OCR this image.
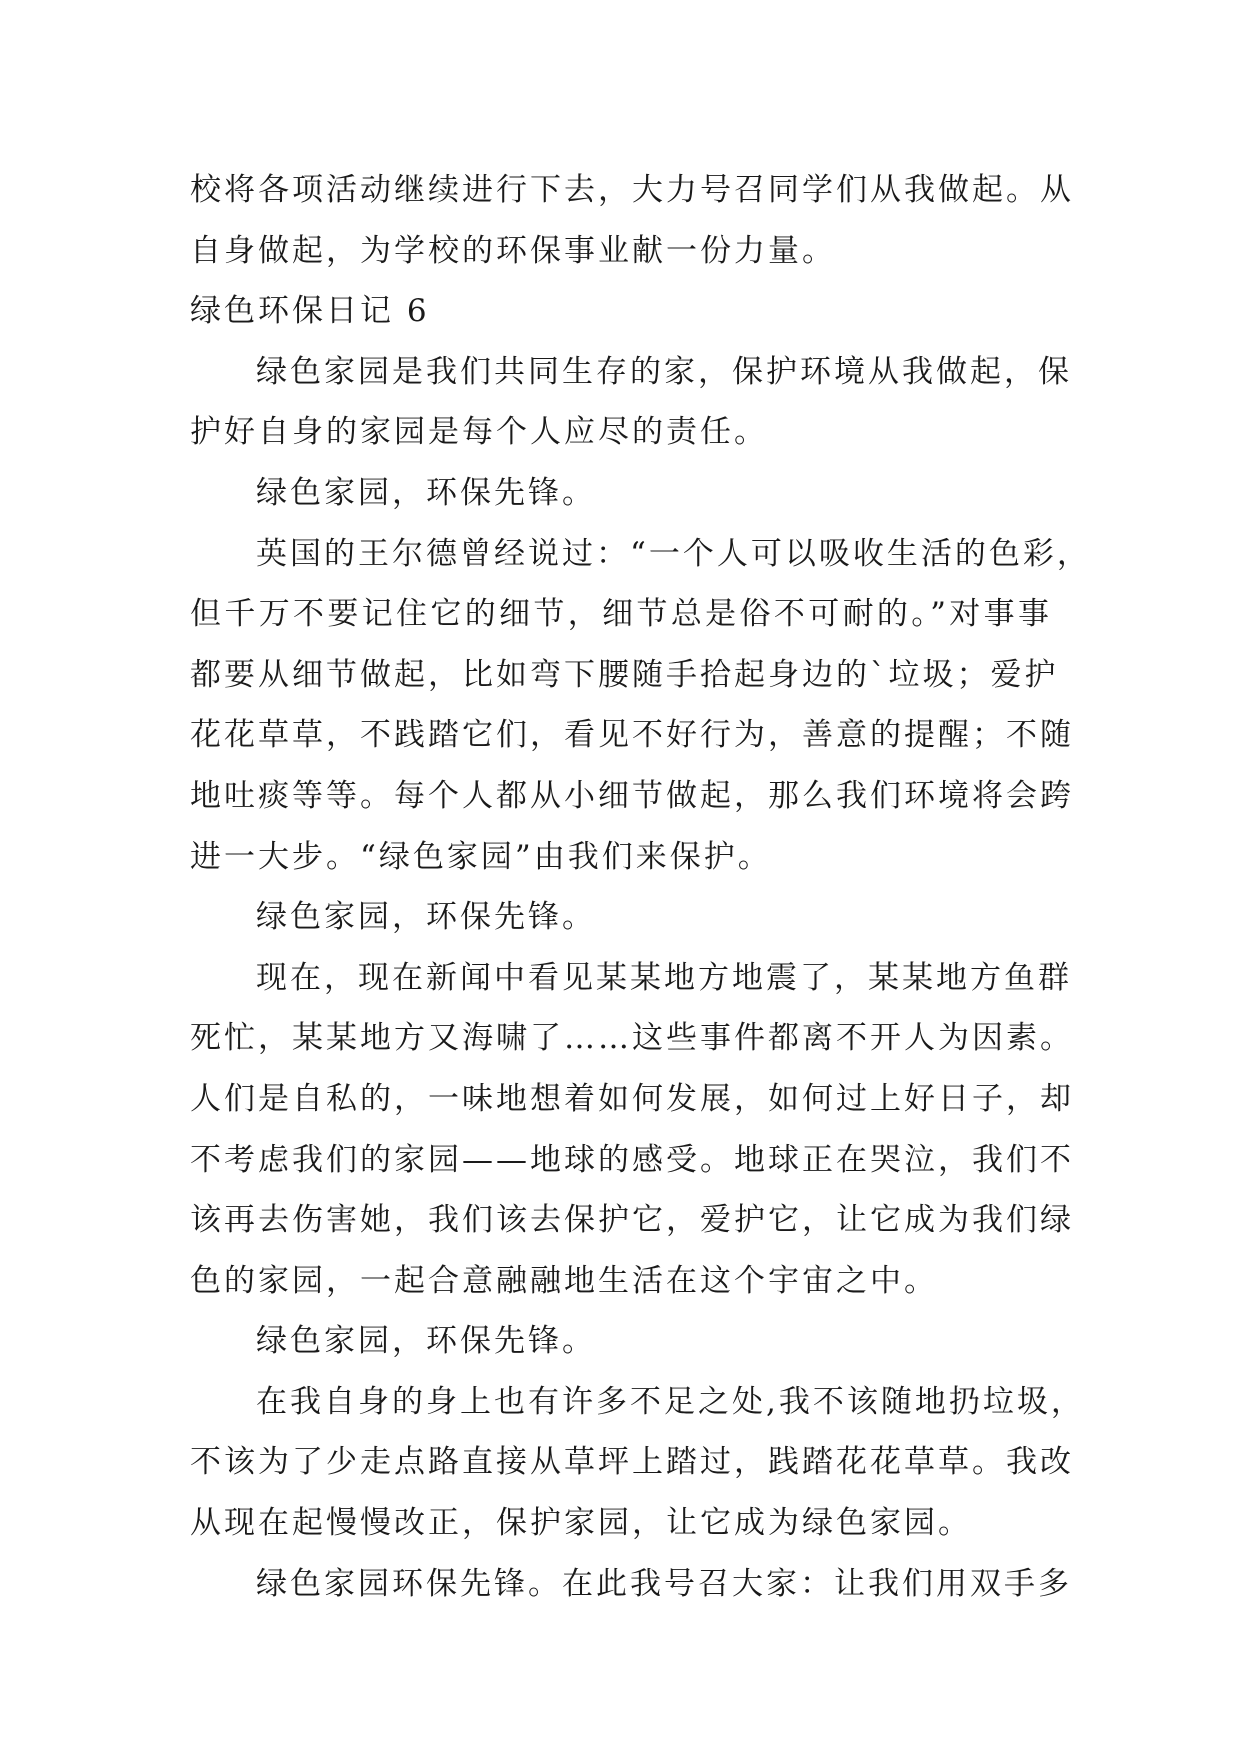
校将各项活动继续进行下去，大力号召同学们从我做起。从
自身做起，为学校的环保事业献一份力量。
绿色环保日记 6
绿色家园是我们共同生存的家，保护环境从我做起，保
护好自身的家园是每个人应尽的责任。
绿色家园，环保先锋。
英国的王尔德曾经说过：“一个人可以吸收生活的色彩，
但千万不要记住它的细节，细节总是俗不可耐的。”对事事
都要从细节做起，比如弯下腰随手拾起身边的`垃圾；爱护
花花草草，不践踏它们，看见不好行为，善意的提醒；不随
地吐痰等等。每个人都从小细节做起，那么我们环境将会跨
进一大步。“绿色家园”由我们来保护。
绿色家园，环保先锋。
现在，现在新闻中看见某某地方地震了，某某地方鱼群
死忙，某某地方又海啸了……这些事件都离不开人为因素。
人们是自私的，一味地想着如何发展，如何过上好日子，却
不考虑我们的家园——地球的感受。地球正在哭泣，我们不
该再去伤害她，我们该去保护它，爱护它，让它成为我们绿
色的家园，一起合意融融地生活在这个宇宙之中。
绿色家园，环保先锋。
在我自身的身上也有许多不足之处,我不该随地扔垃圾，
不该为了少走点路直接从草坪上踏过，践踏花花草草。我改
从现在起慢慢改正，保护家园，让它成为绿色家园。
绿色家园环保先锋。在此我号召大家：让我们用双手多
